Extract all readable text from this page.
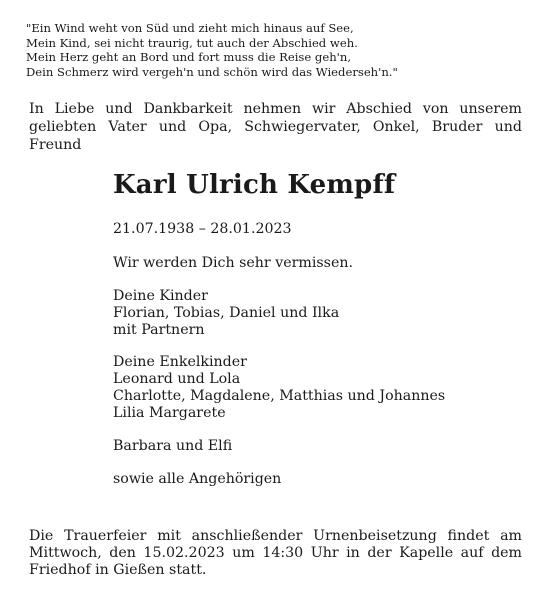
"Ein Wind weht von Süd und zieht mich hinaus auf See,
Mein Kind, sei nicht traurig, tut auch der Abschied weh.
Mein Herz geht an Bord und fort muss die Reise geh'n,
Dein Schmerz wird vergeh'n und schön wird das Wiederseh'n."
In Liebe und Dankbarkeit nehmen wir Abschied von unserem geliebten Vater und Opa, Schwiegervater, Onkel, Bruder und Freund
Karl Ulrich Kempff
21.07.1938 – 28.01.2023
Wir werden Dich sehr vermissen.
Deine Kinder
Florian, Tobias, Daniel und Ilka
mit Partnern
Deine Enkelkinder
Leonard und Lola
Charlotte, Magdalene, Matthias und Johannes
Lilia Margarete
Barbara und Elfi
sowie alle Angehörigen
Die Trauerfeier mit anschließender Urnenbeisetzung findet am Mittwoch, den 15.02.2023 um 14:30 Uhr in der Kapelle auf dem Friedhof in Gießen statt.
